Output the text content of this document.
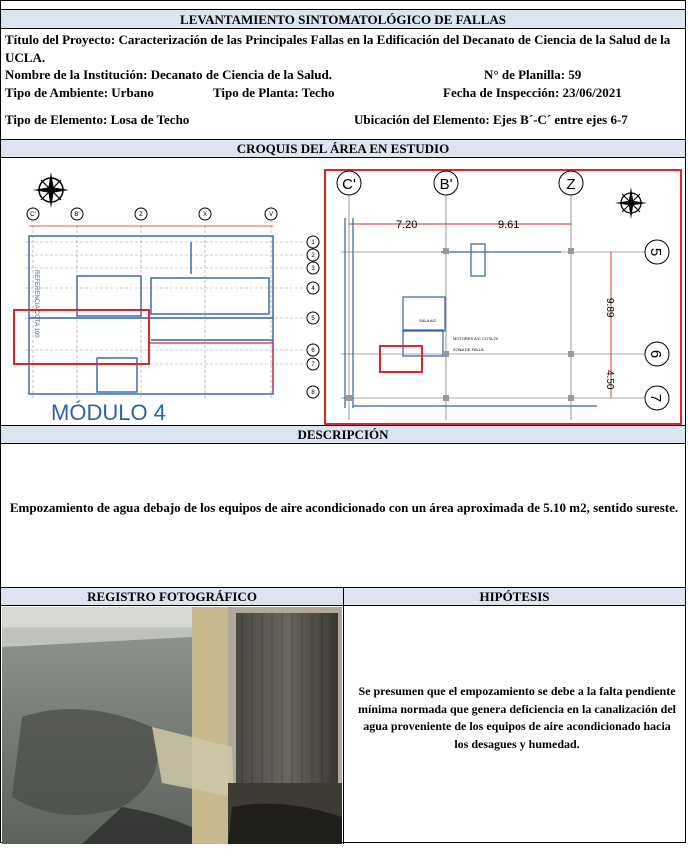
LEVANTAMIENTO SINTOMATOLÓGICO DE FALLAS
Título del Proyecto: Caracterización de las Principales Fallas en la Edificación del Decanato de Ciencia de la Salud de la UCLA.
Nombre de la Institución: Decanato de Ciencia de la Salud.	N° de Planilla: 59
Tipo de Ambiente: Urbano	Tipo de Planta: Techo	Fecha de Inspección: 23/06/2021
Tipo de Elemento: Losa de Techo	Ubicación del Elemento: Ejes B´-C´ entre ejes 6-7
CROQUIS DEL ÁREA EN ESTUDIO
C'	B'	Z	X	V
1
2
3
4
5
6
7
8
REFERENCIA COTA 100
MÓDULO 4
C'	B'	Z
5
6
7
7.20	9.61
9.89
4.50
SALA A/C
MOTORES A/C COTA 20
ZONA DE FALLA
DESCRIPCIÓN
Empozamiento de agua debajo de los equipos de aire acondicionado con un área aproximada de 5.10 m2, sentido sureste.
REGISTRO FOTOGRÁFICO	HIPÓTESIS
Se presumen que el empozamiento se debe a la falta pendiente mínima normada que genera deficiencia en la canalización del agua proveniente de los equipos de aire acondicionado hacia los desagues y humedad.
